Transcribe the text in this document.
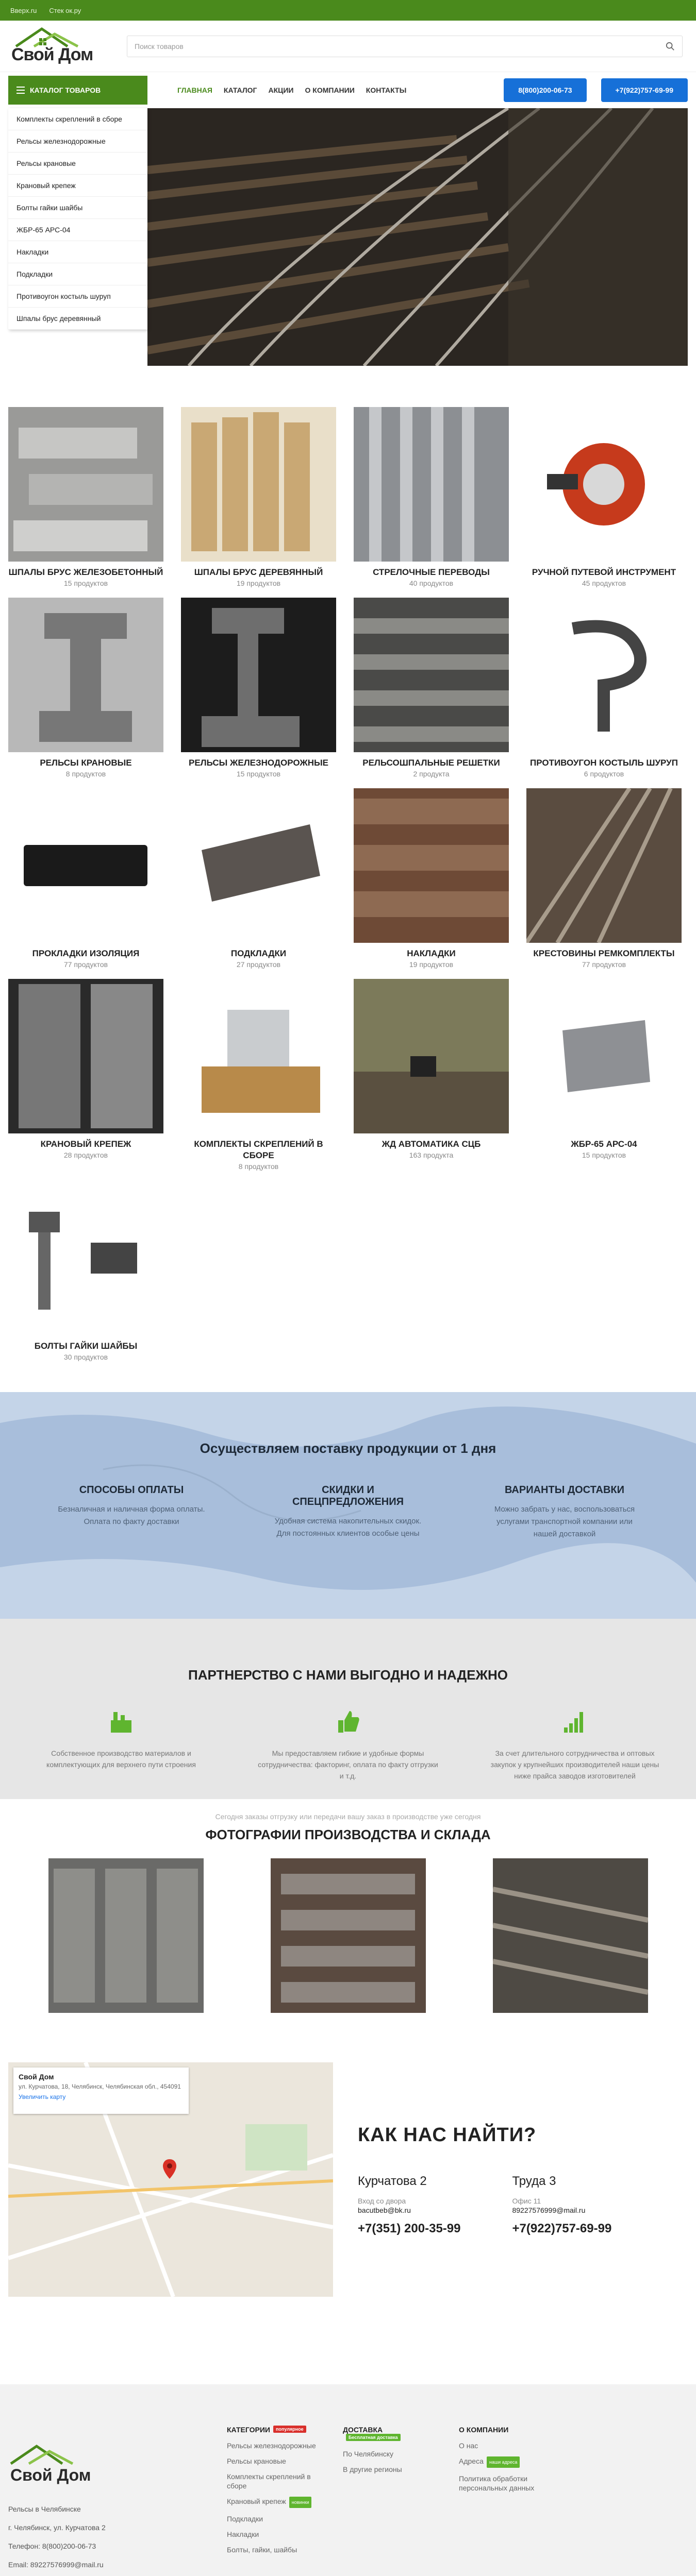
Вверх.ru Стек ок.ру
Свой Дом	Поиск товаров
КАТАЛОГ ТОВАРОВ	ГЛАВНАЯ КАТАЛОГ АКЦИИ О КОМПАНИИ КОНТАКТЫ	8(800)200-06-73	+7(922)757-69-99
Комплекты скреплений в сборе
Рельсы железнодорожные
Рельсы крановые
Крановый крепеж
Болты гайки шайбы
ЖБР-65 АРС-04
Накладки
Подкладки
Противоугон костыль шуруп
Шпалы брус деревянный
ШПАЛЫ БРУС ЖЕЛЕЗОБЕТОННЫЙ
15 продуктов
ШПАЛЫ БРУС ДЕРЕВЯННЫЙ
19 продуктов
СТРЕЛОЧНЫЕ ПЕРЕВОДЫ
40 продуктов
РУЧНОЙ ПУТЕВОЙ ИНСТРУМЕНТ
45 продуктов
РЕЛЬСЫ КРАНОВЫЕ
8 продуктов
РЕЛЬСЫ ЖЕЛЕЗНОДОРОЖНЫЕ
15 продуктов
РЕЛЬСОШПАЛЬНЫЕ РЕШЕТКИ
2 продукта
ПРОТИВОУГОН КОСТЫЛЬ ШУРУП
6 продуктов
ПРОКЛАДКИ ИЗОЛЯЦИЯ
77 продуктов
ПОДКЛАДКИ
27 продуктов
НАКЛАДКИ
19 продуктов
КРЕСТОВИНЫ РЕМКОМПЛЕКТЫ
77 продуктов
КРАНОВЫЙ КРЕПЕЖ
28 продуктов
КОМПЛЕКТЫ СКРЕПЛЕНИЙ В СБОРЕ
8 продуктов
ЖД АВТОМАТИКА СЦБ
163 продукта
ЖБР-65 АРС-04
15 продуктов
БОЛТЫ ГАЙКИ ШАЙБЫ
30 продуктов
Осуществляем поставку продукции от 1 дня
СПОСОБЫ ОПЛАТЫ
Безналичная и наличная форма оплаты. Оплата по факту доставки
СКИДКИ И СПЕЦПРЕДЛОЖЕНИЯ
Удобная система накопительных скидок. Для постоянных клиентов особые цены
ВАРИАНТЫ ДОСТАВКИ
Можно забрать у нас, воспользоваться услугами транспортной компании или нашей доставкой
ПАРТНЕРСТВО С НАМИ ВЫГОДНО И НАДЕЖНО
Собственное производство материалов и комплектующих для верхнего пути строения
Мы предоставляем гибкие и удобные формы сотрудничества: факторинг, оплата по факту отгрузки и т.д.
За счет длительного сотрудничества и оптовых закупок у крупнейших производителей наши цены ниже прайса заводов изготовителей
Сегодня заказы отгрузку или передачи вашу заказ в производстве уже сегодня
ФОТОГРАФИИ ПРОИЗВОДСТВА И СКЛАДА
Свой Дом
ул. Курчатова, 18, Челябинск, Челябинская обл., 454091
Увеличить карту
КАК НАС НАЙТИ?
Курчатова 2
Вход со двора
bacutbeb@bk.ru
+7(351) 200-35-99
Труда 3
Офис 11
89227576999@mail.ru
+7(922)757-69-99
Свой Дом
Рельсы в Челябинске
г. Челябинск, ул. Курчатова 2
Телефон: 8(800)200-06-73
Email: 89227576999@mail.ru
КАТЕГОРИИ популярное
Рельсы железнодорожные
Рельсы крановые
Комплекты скреплений в сборе
Крановый крепеж новинки
Подкладки
Накладки
Болты, гайки, шайбы
ДОСТАВКАБесплатная доставка
По Челябинску
В другие регионы
О КОМПАНИИ
О нас
Адреса наши адреса
Политика обработки персональных данных
